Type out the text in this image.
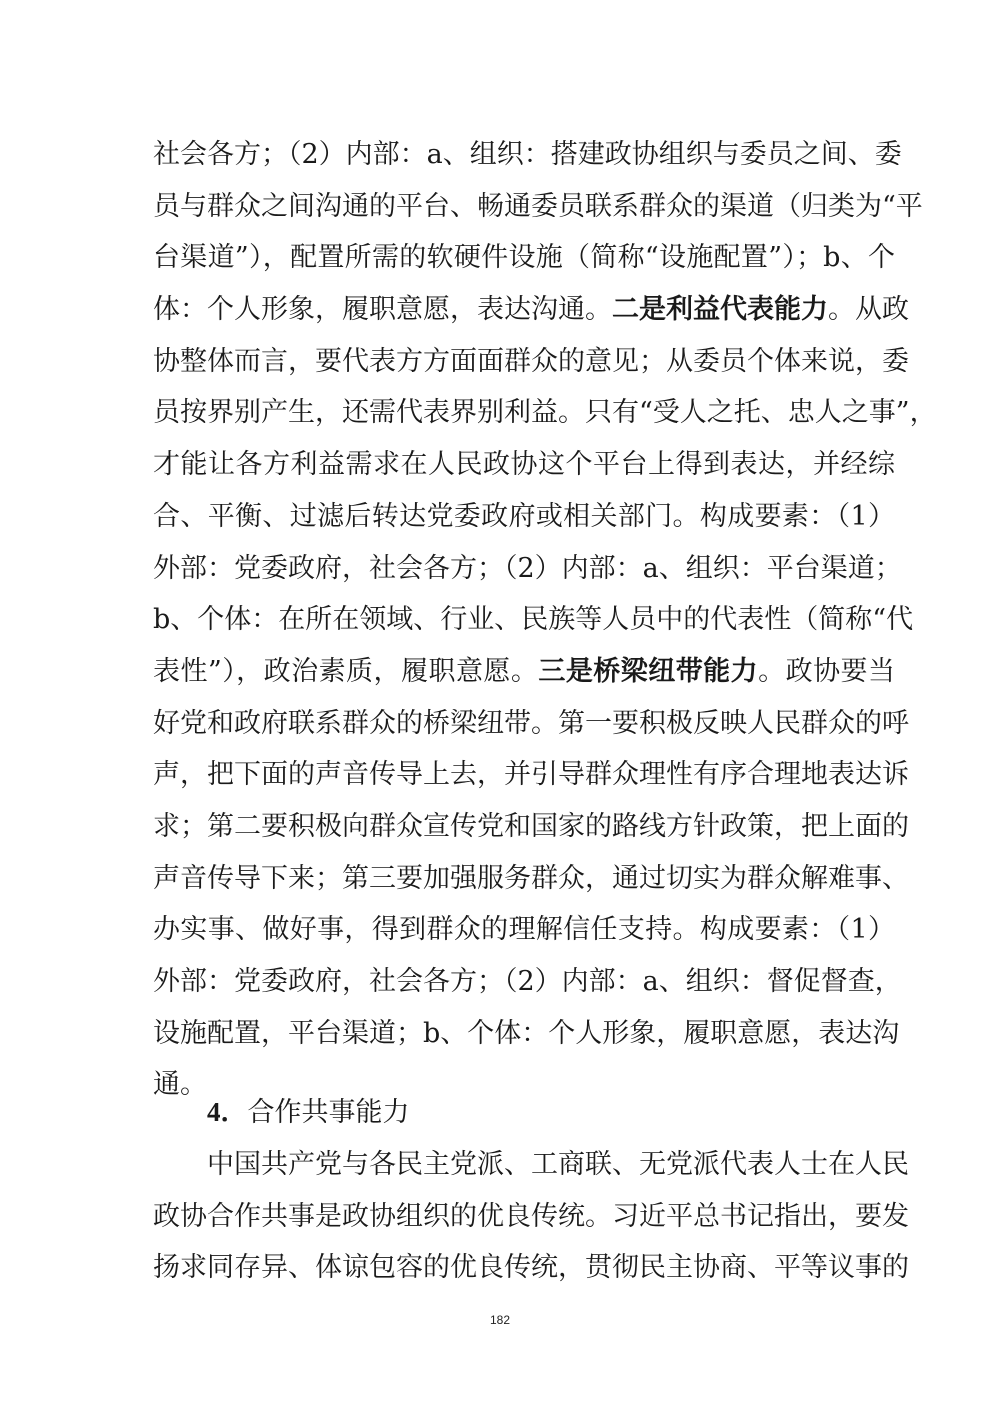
社会各方；（2）内部：a、组织：搭建政协组织与委员之间、委
员与群众之间沟通的平台、畅通委员联系群众的渠道（归类为“平
台渠道”），配置所需的软硬件设施（简称“设施配置”）；b、个
体：个人形象，履职意愿，表达沟通。二是利益代表能力。从政
协整体而言，要代表方方面面群众的意见；从委员个体来说，委
员按界别产生，还需代表界别利益。只有“受人之托、忠人之事”，
才能让各方利益需求在人民政协这个平台上得到表达，并经综
合、平衡、过滤后转达党委政府或相关部门。构成要素：（1）
外部：党委政府，社会各方；（2）内部：a、组织：平台渠道；
b、个体：在所在领域、行业、民族等人员中的代表性（简称“代
表性”），政治素质，履职意愿。三是桥梁纽带能力。政协要当
好党和政府联系群众的桥梁纽带。第一要积极反映人民群众的呼
声，把下面的声音传导上去，并引导群众理性有序合理地表达诉
求；第二要积极向群众宣传党和国家的路线方针政策，把上面的
声音传导下来；第三要加强服务群众，通过切实为群众解难事、
办实事、做好事，得到群众的理解信任支持。构成要素：（1）
外部：党委政府，社会各方；（2）内部：a、组织：督促督查，
设施配置，平台渠道；b、个体：个人形象，履职意愿，表达沟
通。
4．合作共事能力
中国共产党与各民主党派、工商联、无党派代表人士在人民
政协合作共事是政协组织的优良传统。习近平总书记指出，要发
扬求同存异、体谅包容的优良传统，贯彻民主协商、平等议事的
182
